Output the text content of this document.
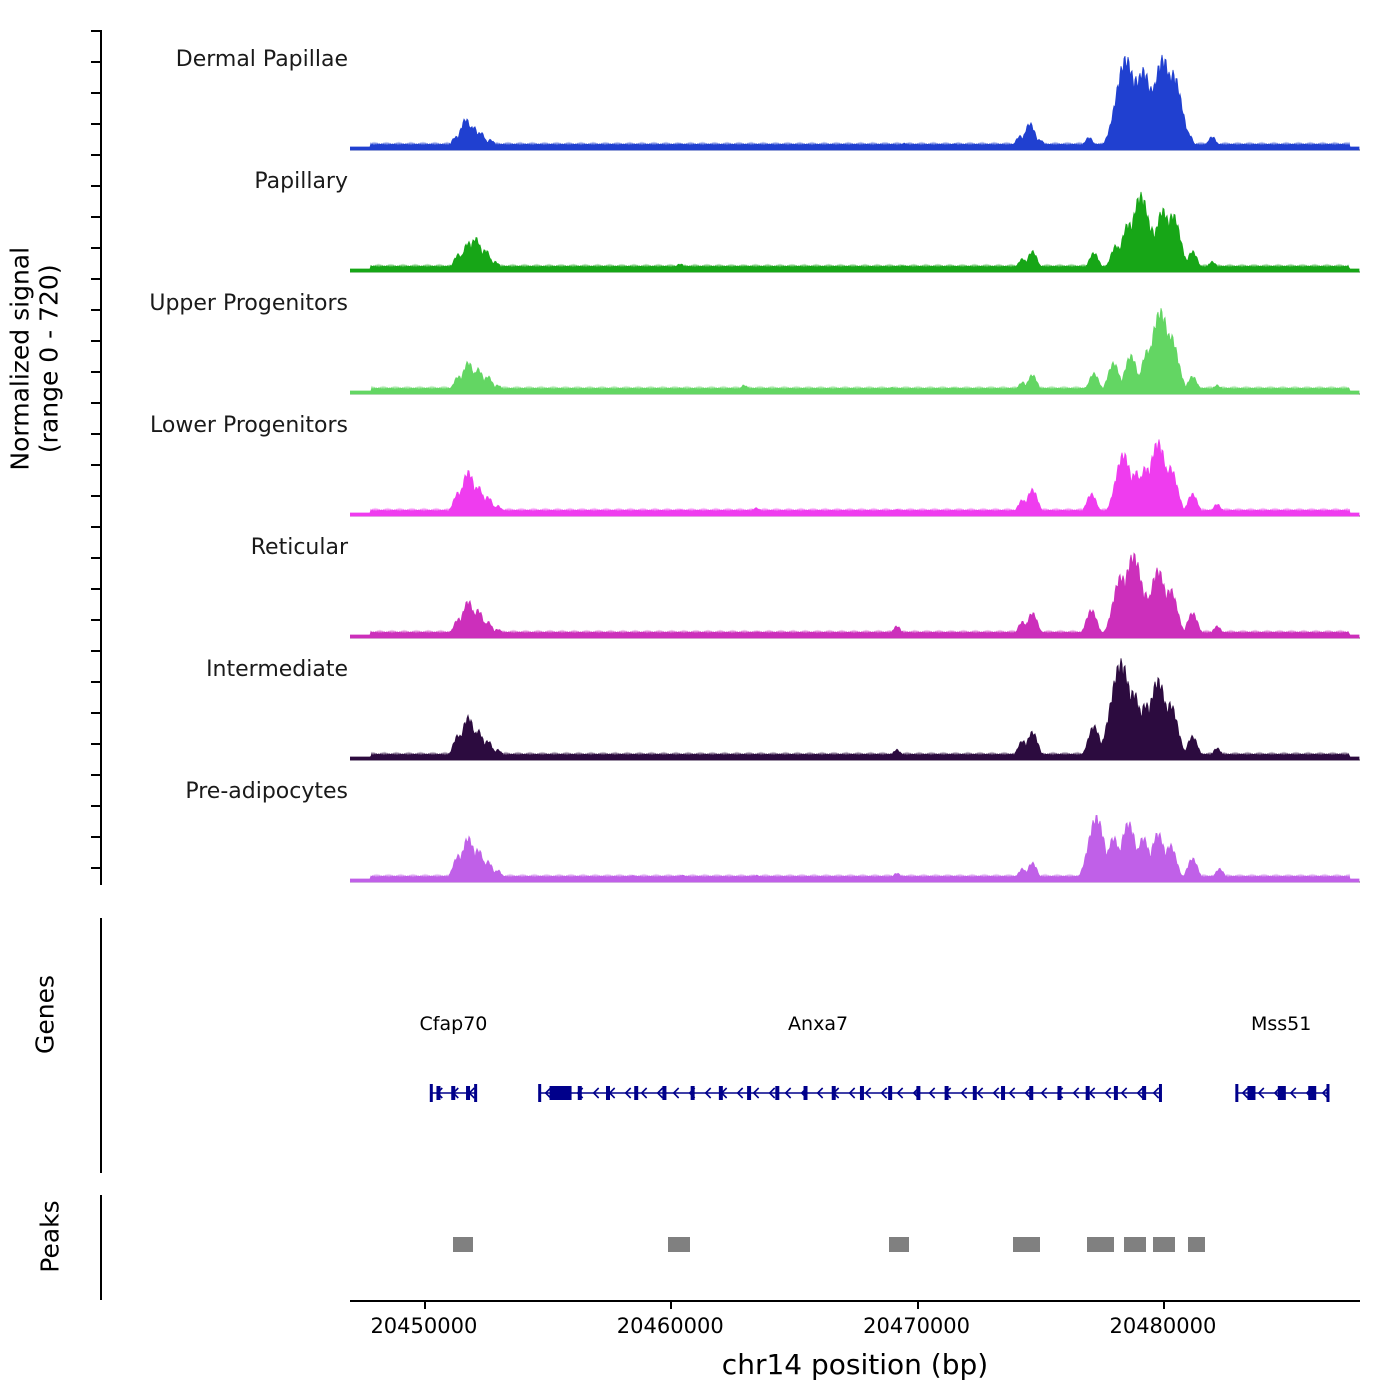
Normalized signal
(range 0 - 720)
Dermal Papillae
Papillary
Upper Progenitors
Lower Progenitors
Reticular
Intermediate
Pre-adipocytes
Genes	Cfap70	Anxa7	Mss51
Peaks
20450000	20460000	20470000	20480000
chr14 position (bp)
